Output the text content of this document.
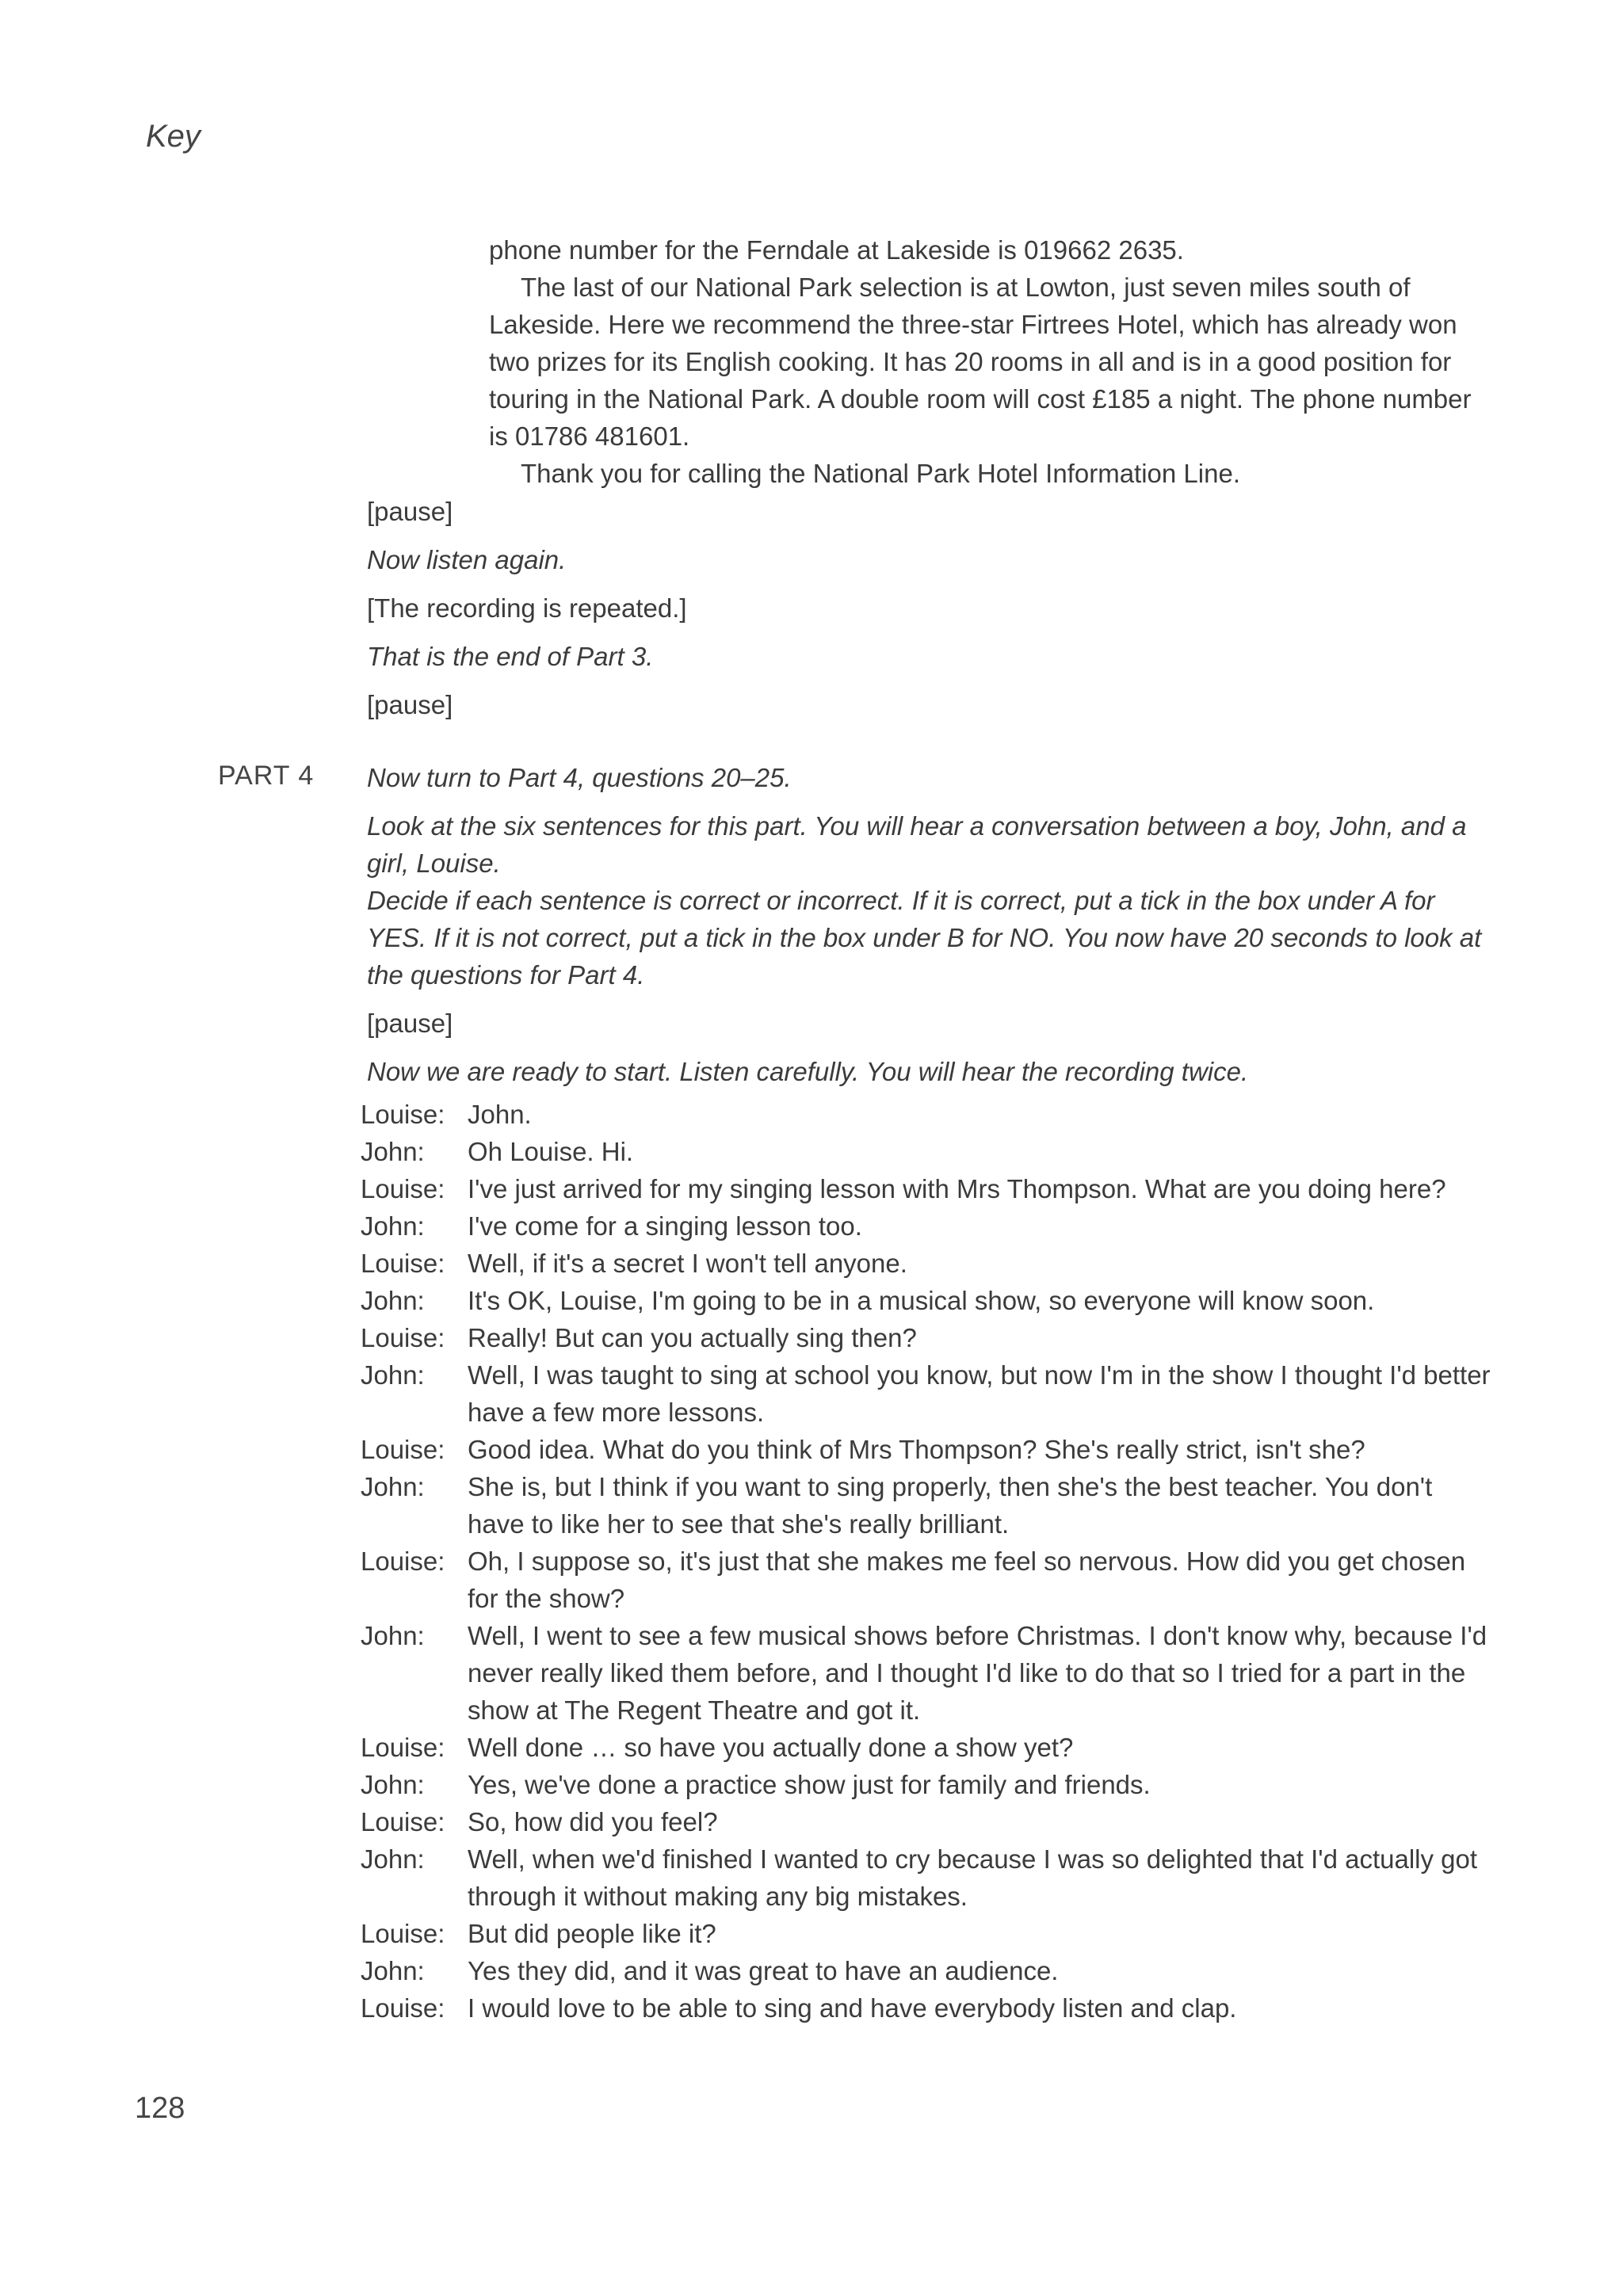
Key

phone number for the Ferndale at Lakeside is 019662 2635.

The last of our National Park selection is at Lowton, just seven miles south of Lakeside. Here we recommend the three-star Firtrees Hotel, which has already won two prizes for its English cooking. It has 20 rooms in all and is in a good position for touring in the National Park. A double room will cost £185 a night. The phone number is 01786 481601.

Thank you for calling the National Park Hotel Information Line.

[pause]

Now listen again.

[The recording is repeated.]

That is the end of Part 3.

[pause]

PART 4 Now turn to Part 4, questions 20–25.

Look at the six sentences for this part. You will hear a conversation between a boy, John, and a girl, Louise.

Decide if each sentence is correct or incorrect. If it is correct, put a tick in the box under A for YES. If it is not correct, put a tick in the box under B for NO. You now have 20 seconds to look at the questions for Part 4.

[pause]

Now we are ready to start. Listen carefully. You will hear the recording twice.

Louise: John.
John:	Oh Louise. Hi.
Louise: I've just arrived for my singing lesson with Mrs Thompson. What are you doing here?
John:	I've come for a singing lesson too.
Louise: Well, if it's a secret I won't tell anyone.
John:	It's OK, Louise, I'm going to be in a musical show, so everyone will know soon.
Louise: Really! But can you actually sing then?
John:	Well, I was taught to sing at school you know, but now I'm in the show I thought I'd better have a few more lessons.
Louise: Good idea. What do you think of Mrs Thompson? She's really strict, isn't she?
John:	She is, but I think if you want to sing properly, then she's the best teacher. You don't have to like her to see that she's really brilliant.
Louise: Oh, I suppose so, it's just that she makes me feel so nervous. How did you get chosen for the show?
John:	Well, I went to see a few musical shows before Christmas. I don't know why, because I'd never really liked them before, and I thought I'd like to do that so I tried for a part in the show at The Regent Theatre and got it.
Louise: Well done … so have you actually done a show yet?
John:	Yes, we've done a practice show just for family and friends.
Louise: So, how did you feel?
John:	Well, when we'd finished I wanted to cry because I was so delighted that I'd actually got through it without making any big mistakes.
Louise: But did people like it?
John:	Yes they did, and it was great to have an audience.
Louise: I would love to be able to sing and have everybody listen and clap.
128
